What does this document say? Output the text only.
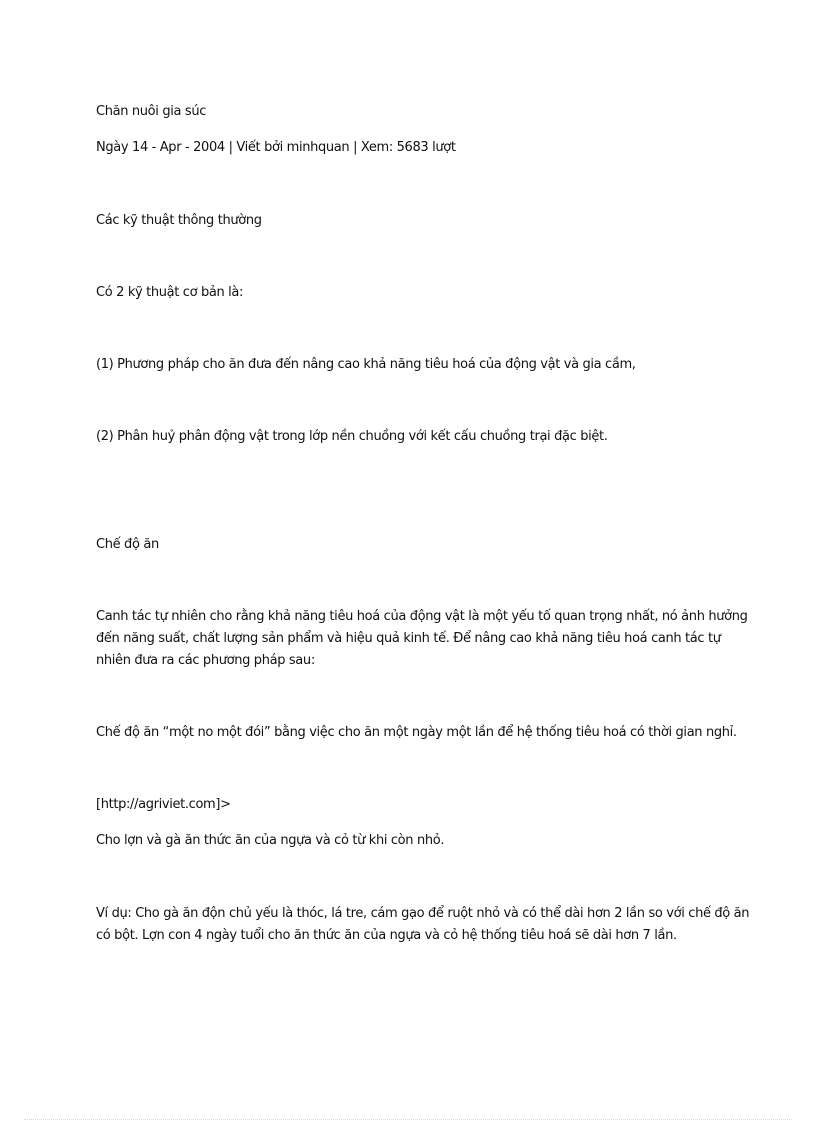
Chăn nuôi gia súc
Ngày 14 - Apr - 2004 | Viết bởi minhquan | Xem: 5683 lượt
Các kỹ thuật thông thường
Có 2 kỹ thuật cơ bản là:
(1) Phương pháp cho ăn đưa đến nâng cao khả năng tiêu hoá của động vật và gia cầm,
(2) Phân huỷ phân động vật trong lớp nền chuồng với kết cấu chuồng trại đặc biệt.
Chế độ ăn
Canh tác tự nhiên cho rằng khả năng tiêu hoá của động vật là một yếu tố quan trọng nhất, nó ảnh hưởng
đến năng suất, chất lượng sản phẩm và hiệu quả kinh tế. Để nâng cao khả năng tiêu hoá canh tác tự
nhiên đưa ra các phương pháp sau:
Chế độ ăn “một no một đói” bằng việc cho ăn một ngày một lần để hệ thống tiêu hoá có thời gian nghỉ.
[http://agriviet.com]>
Cho lợn và gà ăn thức ăn của ngựa và cỏ từ khi còn nhỏ.
Ví dụ: Cho gà ăn độn chủ yếu là thóc, lá tre, cám gạo để ruột nhỏ và có thể dài hơn 2 lần so với chế độ ăn
có bột. Lợn con 4 ngày tuổi cho ăn thức ăn của ngựa và cỏ hệ thống tiêu hoá sẽ dài hơn 7 lần.
